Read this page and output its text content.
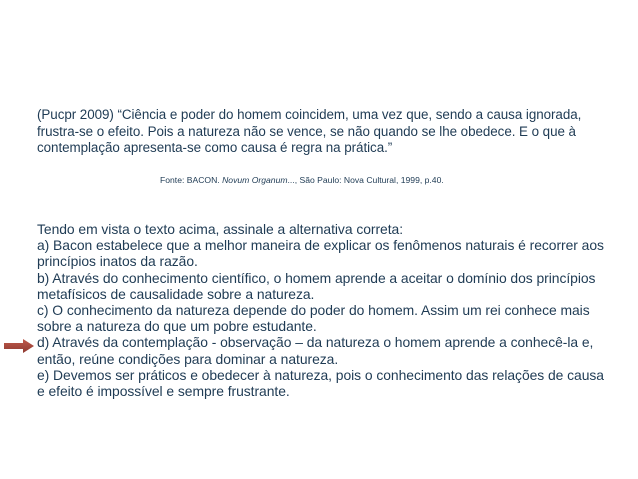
(Pucpr 2009) “Ciência e poder do homem coincidem, uma vez que, sendo a causa ignorada, frustra-se o efeito. Pois a natureza não se vence, se não quando se lhe obedece. E o que à contemplação apresenta-se como causa é regra na prática.”

Fonte: BACON. Novum Organum..., São Paulo: Nova Cultural, 1999, p.40.

Tendo em vista o texto acima, assinale a alternativa correta:

a) Bacon estabelece que a melhor maneira de explicar os fenômenos naturais é recorrer aos princípios inatos da razão.
b) Através do conhecimento científico, o homem aprende a aceitar o domínio dos princípios metafísicos de causalidade sobre a natureza.
c) O conhecimento da natureza depende do poder do homem. Assim um rei conhece mais sobre a natureza do que um pobre estudante.
d) Através da contemplação - observação – da natureza o homem aprende a conhecê-la e, então, reúne condições para dominar a natureza.
e) Devemos ser práticos e obedecer à natureza, pois o conhecimento das relações de causa e efeito é impossível e sempre frustrante.
